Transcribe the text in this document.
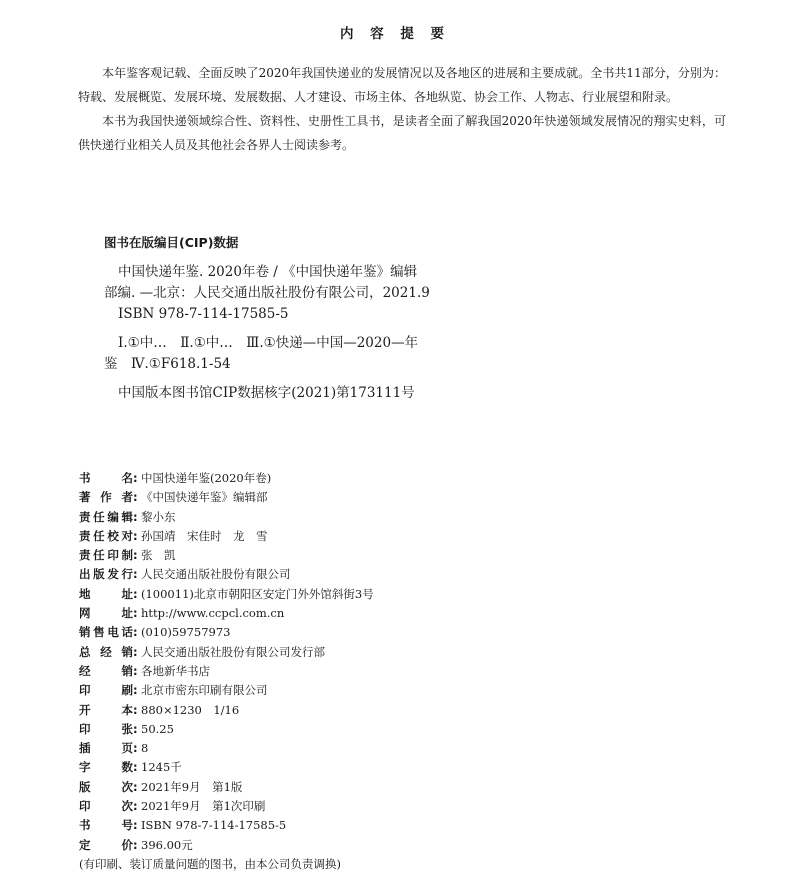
内 容 提 要

本年鉴客观记载、全面反映了2020年我国快递业的发展情况以及各地区的进展和主要成就。全书共11部分，分别为：特载、发展概览、发展环境、发展数据、人才建设、市场主体、各地纵览、协会工作、人物志、行业展望和附录。

本书为我国快递领域综合性、资料性、史册性工具书，是读者全面了解我国2020年快递领域发展情况的翔实史料，可供快递行业相关人员及其他社会各界人士阅读参考。

图书在版编目(CIP)数据
中国快递年鉴. 2020年卷 / 《中国快递年鉴》编辑
部编. —北京：人民交通出版社股份有限公司，2021.9
ISBN 978-7-114-17585-5
Ⅰ.①中…　Ⅱ.①中…　Ⅲ.①快递—中国—2020—年
鉴　Ⅳ.①F618.1-54
中国版本图书馆CIP数据核字(2021)第173111号
书名 : 中国快递年鉴(2020年卷)
著作者 : 《中国快递年鉴》编辑部
责任编辑 : 黎小东
责任校对 : 孙国靖　宋佳时　龙　雪
责任印制 : 张　凯
出版发行 : 人民交通出版社股份有限公司
地址 : (100011)北京市朝阳区安定门外外馆斜街3号
网址 : http://www.ccpcl.com.cn
销售电话 : (010)59757973
总经销 : 人民交通出版社股份有限公司发行部
经销 : 各地新华书店
印刷 : 北京市密东印刷有限公司
开本 : 880×1230　1/16
印张 : 50.25
插页 : 8
字数 : 1245千
版次 : 2021年9月　第1版
印次 : 2021年9月　第1次印刷
书号 : ISBN 978-7-114-17585-5
定价 : 396.00元
(有印刷、装订质量问题的图书，由本公司负责调换)
